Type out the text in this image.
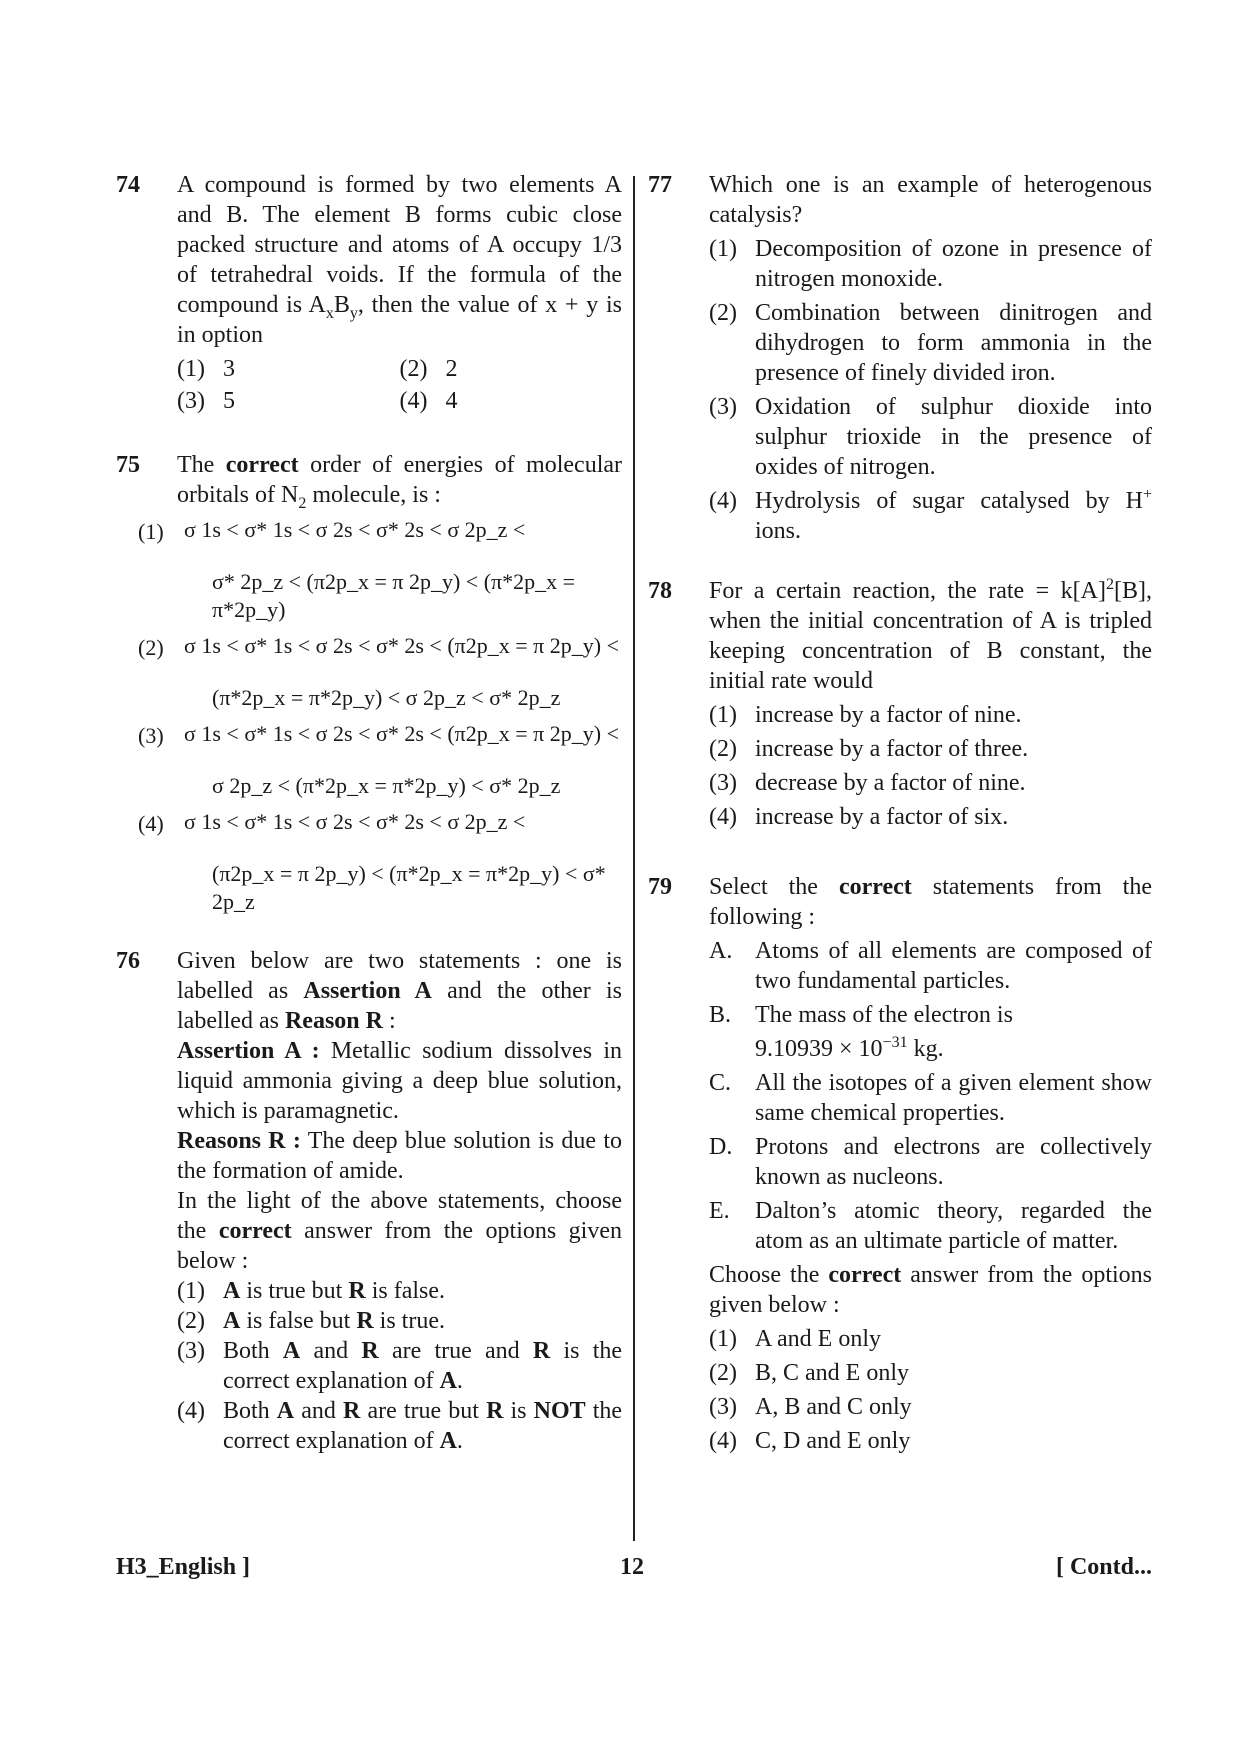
74	A compound is formed by two elements A and B. The element B forms cubic close packed structure and atoms of A occupy 1/3 of tetrahedral voids. If the formula of the compound is $A_xB_y$, then the value of x + y is in option
(1) 3	(2) 2
(3) 5	(4) 4
75	The correct order of energies of molecular orbitals of $N_2$ molecule, is :
(1) σ 1s < σ* 1s < σ 2s < σ* 2s < σ 2p_z <
σ* 2p_z < (π2p_x = π 2p_y) < (π*2p_x = π*2p_y)
(2) σ 1s < σ* 1s < σ 2s < σ* 2s < (π2p_x = π 2p_y) <
(π*2p_x = π*2p_y) < σ 2p_z < σ* 2p_z
(3) σ 1s < σ* 1s < σ 2s < σ* 2s < (π2p_x = π 2p_y) <
σ 2p_z < (π*2p_x = π*2p_y) < σ* 2p_z
(4) σ 1s < σ* 1s < σ 2s < σ* 2s < σ 2p_z <
(π2p_x = π 2p_y) < (π*2p_x = π*2p_y) < σ* 2p_z
76	Given below are two statements : one is labelled as Assertion A and the other is labelled as Reason R :
Assertion A : Metallic sodium dissolves in liquid ammonia giving a deep blue solution, which is paramagnetic.
Reasons R : The deep blue solution is due to the formation of amide.
In the light of the above statements, choose the correct answer from the options given below :
(1) A is true but R is false.
(2) A is false but R is true.
(3) Both A and R are true and R is the correct explanation of A.
(4) Both A and R are true but R is NOT the correct explanation of A.
77	Which one is an example of heterogenous catalysis?
(1) Decomposition of ozone in presence of nitrogen monoxide.
(2) Combination between dinitrogen and dihydrogen to form ammonia in the presence of finely divided iron.
(3) Oxidation of sulphur dioxide into sulphur trioxide in the presence of oxides of nitrogen.
(4) Hydrolysis of sugar catalysed by H+ ions.
78	For a certain reaction, the rate = $k[A]^2[B]$, when the initial concentration of A is tripled keeping concentration of B constant, the initial rate would
(1) increase by a factor of nine.
(2) increase by a factor of three.
(3) decrease by a factor of nine.
(4) increase by a factor of six.
79	Select the correct statements from the following :
A. Atoms of all elements are composed of two fundamental particles.
B. The mass of the electron is
$9.10939 \times 10^{-31}$ kg.
C. All the isotopes of a given element show same chemical properties.
D. Protons and electrons are collectively known as nucleons.
E. Dalton’s atomic theory, regarded the atom as an ultimate particle of matter.
Choose the correct answer from the options given below :
(1) A and E only
(2) B, C and E only
(3) A, B and C only
(4) C, D and E only
H3_English ]	12	[ Contd...
